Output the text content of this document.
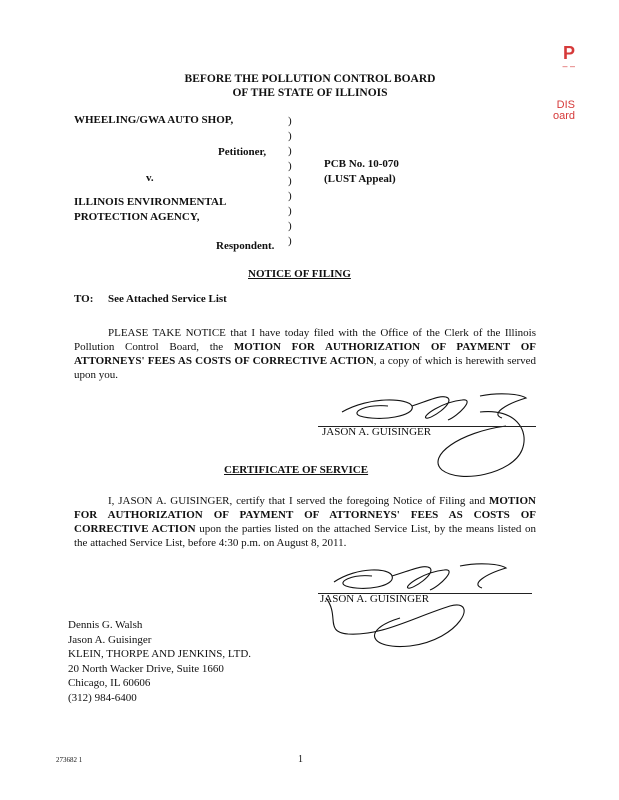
P
– –
DIS
oard
BEFORE THE POLLUTION CONTROL BOARD
OF THE STATE OF ILLINOIS
WHEELING/GWA AUTO SHOP,
Petitioner,
v.
ILLINOIS ENVIRONMENTAL
PROTECTION AGENCY,
Respondent.
)
)
)
)
)
)
)
)
)
PCB No. 10-070
(LUST Appeal)
NOTICE OF FILING
TO: See Attached Service List

PLEASE TAKE NOTICE that I have today filed with the Office of the Clerk of the Illinois Pollution Control Board, the MOTION FOR AUTHORIZATION OF PAYMENT OF ATTORNEYS' FEES AS COSTS OF CORRECTIVE ACTION, a copy of which is herewith served upon you.

JASON A. GUISINGER
CERTIFICATE OF SERVICE

I, JASON A. GUISINGER, certify that I served the foregoing Notice of Filing and MOTION FOR AUTHORIZATION OF PAYMENT OF ATTORNEYS' FEES AS COSTS OF CORRECTIVE ACTION upon the parties listed on the attached Service List, by the means listed on the attached Service List, before 4:30 p.m. on August 8, 2011.

JASON A. GUISINGER
Dennis G. Walsh
Jason A. Guisinger
KLEIN, THORPE AND JENKINS, LTD.
20 North Wacker Drive, Suite 1660
Chicago, IL 60606
(312) 984-6400
273682 1	1
